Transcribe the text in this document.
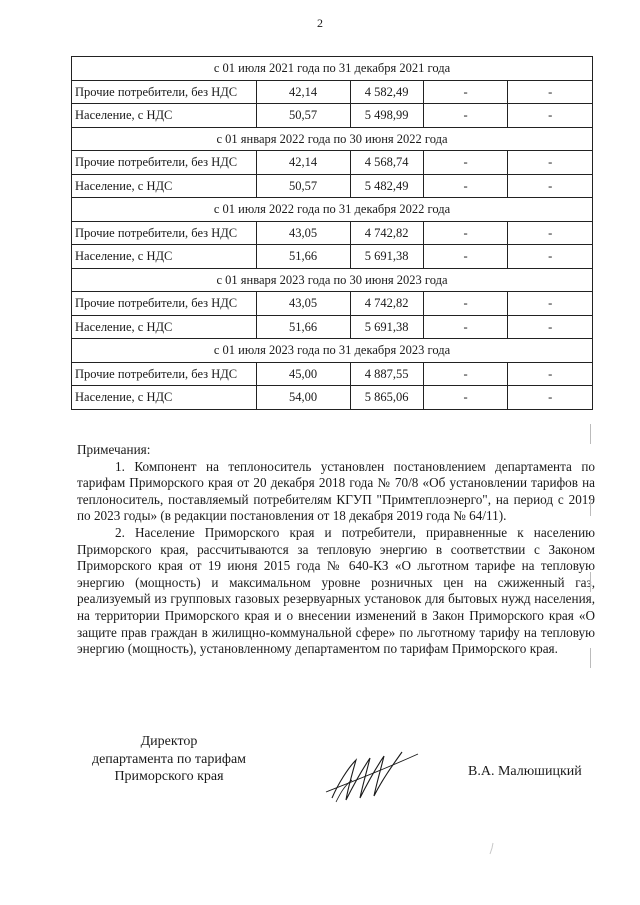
2
с 01 июля 2021 года по 31 декабря 2021 года				
Прочие потребители, без НДС	42,14	4 582,49	-	-
Население, с НДС	50,57	5 498,99	-	-
с 01 января 2022 года по 30 июня 2022 года				
Прочие потребители, без НДС	42,14	4 568,74	-	-
Население, с НДС	50,57	5 482,49	-	-
с 01 июля 2022 года по 31 декабря 2022 года				
Прочие потребители, без НДС	43,05	4 742,82	-	-
Население, с НДС	51,66	5 691,38	-	-
с 01 января 2023 года по 30 июня 2023 года				
Прочие потребители, без НДС	43,05	4 742,82	-	-
Население, с НДС	51,66	5 691,38	-	-
с 01 июля 2023 года по 31 декабря 2023 года				
Прочие потребители, без НДС	45,00	4 887,55	-	-
Население, с НДС	54,00	5 865,06	-	-

Примечания:

1. Компонент на теплоноситель установлен постановлением департамента по тарифам Приморского края от 20 декабря 2018 года № 70/8 «Об установлении тарифов на теплоноситель, поставляемый потребителям КГУП "Примтеплоэнерго", на период с 2019 по 2023 годы» (в редакции постановления от 18 декабря 2019 года № 64/11).

2. Население Приморского края и потребители, приравненные к населению Приморского края, рассчитываются за тепловую энергию в соответствии с Законом Приморского края от 19 июня 2015 года № 640-КЗ «О льготном тарифе на тепловую энергию (мощность) и максимальном уровне розничных цен на сжиженный газ, реализуемый из групповых газовых резервуарных установок для бытовых нужд населения, на территории Приморского края и о внесении изменений в Закон Приморского края «О защите прав граждан в жилищно-коммунальной сфере» по льготному тарифу на тепловую энергию (мощность), установленному департаментом по тарифам Приморского края.

Директор
департамента по тарифам
Приморского края	В.А. Малюшицкий
